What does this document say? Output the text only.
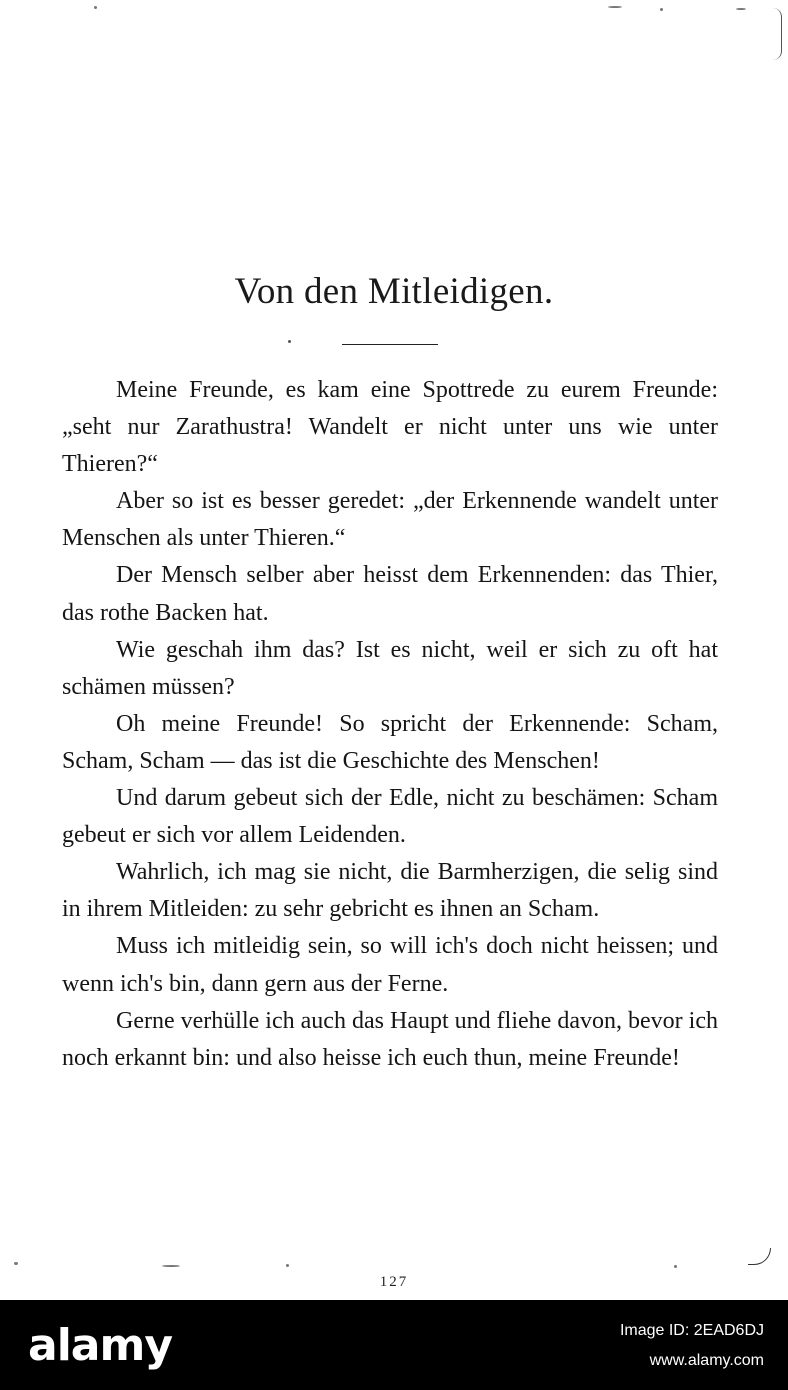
Von den Mitleidigen.

Meine Freunde, es kam eine Spottrede zu eurem Freunde: „seht nur Zarathustra! Wandelt er nicht unter uns wie unter Thieren?“

Aber so ist es besser geredet: „der Erkennende wandelt unter Menschen als unter Thieren.“

Der Mensch selber aber heisst dem Erkennenden: das Thier, das rothe Backen hat.

Wie geschah ihm das? Ist es nicht, weil er sich zu oft hat schämen müssen?

Oh meine Freunde! So spricht der Erkennende: Scham, Scham, Scham — das ist die Geschichte des Menschen!

Und darum gebeut sich der Edle, nicht zu beschämen: Scham gebeut er sich vor allem Leidenden.

Wahrlich, ich mag sie nicht, die Barmherzigen, die selig sind in ihrem Mitleiden: zu sehr gebricht es ihnen an Scham.

Muss ich mitleidig sein, so will ich's doch nicht heissen; und wenn ich's bin, dann gern aus der Ferne.

Gerne verhülle ich auch das Haupt und fliehe davon, bevor ich noch erkannt bin: und also heisse ich euch thun, meine Freunde!

127
alamy	Image ID: 2EAD6DJ
www.alamy.com
